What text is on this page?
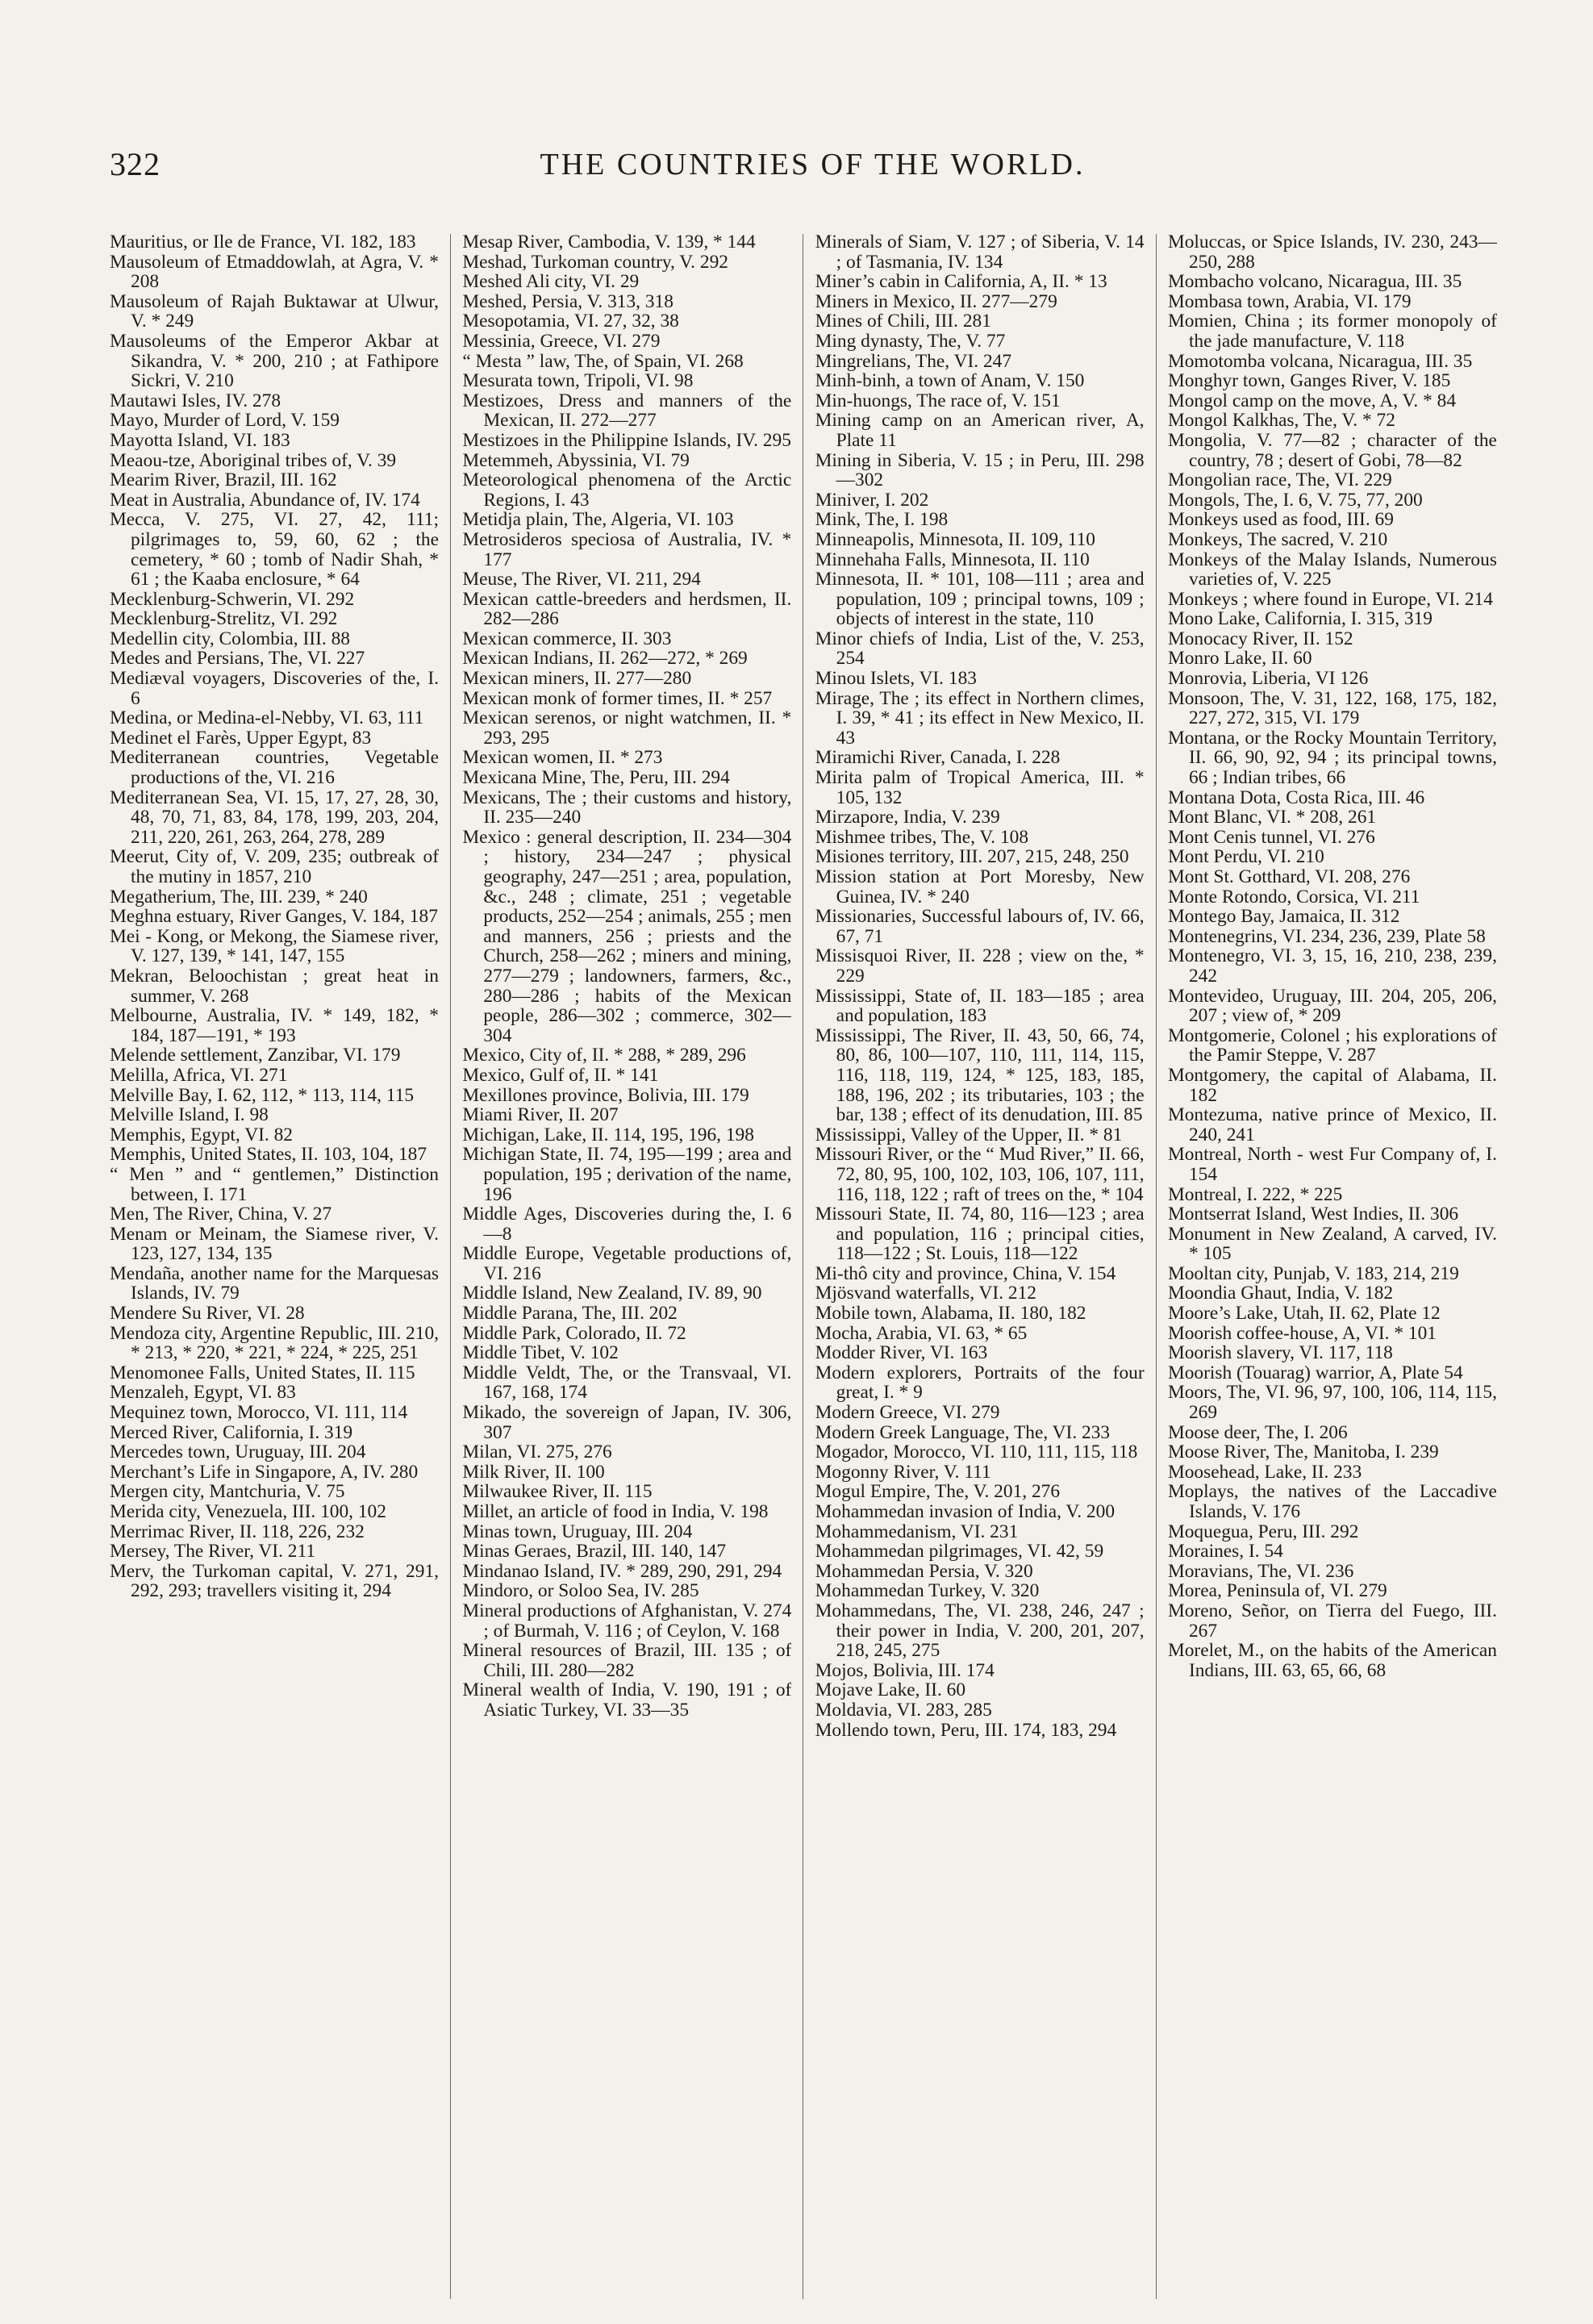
322	THE COUNTRIES OF THE WORLD.

Mauritius, or Ile de France, VI. 182, 183

Mausoleum of Etmaddowlah, at Agra, V. * 208

Mausoleum of Rajah Buktawar at Ulwur, V. * 249

Mausoleums of the Emperor Akbar at Sikandra, V. * 200, 210 ; at Fathipore Sickri, V. 210

Mautawi Isles, IV. 278

Mayo, Murder of Lord, V. 159

Mayotta Island, VI. 183

Meaou-tze, Aboriginal tribes of, V. 39

Mearim River, Brazil, III. 162

Meat in Australia, Abundance of, IV. 174

Mecca, V. 275, VI. 27, 42, 111; pilgrimages to, 59, 60, 62 ; the cemetery, * 60 ; tomb of Nadir Shah, * 61 ; the Kaaba enclosure, * 64

Mecklenburg-Schwerin, VI. 292

Mecklenburg-Strelitz, VI. 292

Medellin city, Colombia, III. 88

Medes and Persians, The, VI. 227

Mediæval voyagers, Discoveries of the, I. 6

Medina, or Medina-el-Nebby, VI. 63, 111

Medinet el Farès, Upper Egypt, 83

Mediterranean countries, Vegetable productions of the, VI. 216

Mediterranean Sea, VI. 15, 17, 27, 28, 30, 48, 70, 71, 83, 84, 178, 199, 203, 204, 211, 220, 261, 263, 264, 278, 289

Meerut, City of, V. 209, 235; outbreak of the mutiny in 1857, 210

Megatherium, The, III. 239, * 240

Meghna estuary, River Ganges, V. 184, 187

Mei - Kong, or Mekong, the Siamese river, V. 127, 139, * 141, 147, 155

Mekran, Beloochistan ; great heat in summer, V. 268

Melbourne, Australia, IV. * 149, 182, * 184, 187—191, * 193

Melende settlement, Zanzibar, VI. 179

Melilla, Africa, VI. 271

Melville Bay, I. 62, 112, * 113, 114, 115

Melville Island, I. 98

Memphis, Egypt, VI. 82

Memphis, United States, II. 103, 104, 187

“ Men ” and “ gentlemen,” Distinction between, I. 171

Men, The River, China, V. 27

Menam or Meinam, the Siamese river, V. 123, 127, 134, 135

Mendaña, another name for the Marquesas Islands, IV. 79

Mendere Su River, VI. 28

Mendoza city, Argentine Republic, III. 210, * 213, * 220, * 221, * 224, * 225, 251

Menomonee Falls, United States, II. 115

Menzaleh, Egypt, VI. 83

Mequinez town, Morocco, VI. 111, 114

Merced River, California, I. 319

Mercedes town, Uruguay, III. 204

Merchant’s Life in Singapore, A, IV. 280

Mergen city, Mantchuria, V. 75

Merida city, Venezuela, III. 100, 102

Merrimac River, II. 118, 226, 232

Mersey, The River, VI. 211

Merv, the Turkoman capital, V. 271, 291, 292, 293; travellers visiting it, 294

Mesap River, Cambodia, V. 139, * 144

Meshad, Turkoman country, V. 292

Meshed Ali city, VI. 29

Meshed, Persia, V. 313, 318

Mesopotamia, VI. 27, 32, 38

Messinia, Greece, VI. 279

“ Mesta ” law, The, of Spain, VI. 268

Mesurata town, Tripoli, VI. 98

Mestizoes, Dress and manners of the Mexican, II. 272—277

Mestizoes in the Philippine Islands, IV. 295

Metemmeh, Abyssinia, VI. 79

Meteorological phenomena of the Arctic Regions, I. 43

Metidja plain, The, Algeria, VI. 103

Metrosideros speciosa of Australia, IV. * 177

Meuse, The River, VI. 211, 294

Mexican cattle-breeders and herdsmen, II. 282—286

Mexican commerce, II. 303

Mexican Indians, II. 262—272, * 269

Mexican miners, II. 277—280

Mexican monk of former times, II. * 257

Mexican serenos, or night watchmen, II. * 293, 295

Mexican women, II. * 273

Mexicana Mine, The, Peru, III. 294

Mexicans, The ; their customs and history, II. 235—240

Mexico : general description, II. 234—304 ; history, 234—247 ; physical geography, 247—251 ; area, population, &c., 248 ; climate, 251 ; vegetable products, 252—254 ; animals, 255 ; men and manners, 256 ; priests and the Church, 258—262 ; miners and mining, 277—279 ; landowners, farmers, &c., 280—286 ; habits of the Mexican people, 286—302 ; commerce, 302—304

Mexico, City of, II. * 288, * 289, 296

Mexico, Gulf of, II. * 141

Mexillones province, Bolivia, III. 179

Miami River, II. 207

Michigan, Lake, II. 114, 195, 196, 198

Michigan State, II. 74, 195—199 ; area and population, 195 ; derivation of the name, 196

Middle Ages, Discoveries during the, I. 6—8

Middle Europe, Vegetable productions of, VI. 216

Middle Island, New Zealand, IV. 89, 90

Middle Parana, The, III. 202

Middle Park, Colorado, II. 72

Middle Tibet, V. 102

Middle Veldt, The, or the Transvaal, VI. 167, 168, 174

Mikado, the sovereign of Japan, IV. 306, 307

Milan, VI. 275, 276

Milk River, II. 100

Milwaukee River, II. 115

Millet, an article of food in India, V. 198

Minas town, Uruguay, III. 204

Minas Geraes, Brazil, III. 140, 147

Mindanao Island, IV. * 289, 290, 291, 294

Mindoro, or Soloo Sea, IV. 285

Mineral productions of Afghanistan, V. 274 ; of Burmah, V. 116 ; of Ceylon, V. 168

Mineral resources of Brazil, III. 135 ; of Chili, III. 280—282

Mineral wealth of India, V. 190, 191 ; of Asiatic Turkey, VI. 33—35

Minerals of Siam, V. 127 ; of Siberia, V. 14 ; of Tasmania, IV. 134

Miner’s cabin in California, A, II. * 13

Miners in Mexico, II. 277—279

Mines of Chili, III. 281

Ming dynasty, The, V. 77

Mingrelians, The, VI. 247

Minh-binh, a town of Anam, V. 150

Min-huongs, The race of, V. 151

Mining camp on an American river, A, Plate 11

Mining in Siberia, V. 15 ; in Peru, III. 298—302

Miniver, I. 202

Mink, The, I. 198

Minneapolis, Minnesota, II. 109, 110

Minnehaha Falls, Minnesota, II. 110

Minnesota, II. * 101, 108—111 ; area and population, 109 ; principal towns, 109 ; objects of interest in the state, 110

Minor chiefs of India, List of the, V. 253, 254

Minou Islets, VI. 183

Mirage, The ; its effect in Northern climes, I. 39, * 41 ; its effect in New Mexico, II. 43

Miramichi River, Canada, I. 228

Mirita palm of Tropical America, III. * 105, 132

Mirzapore, India, V. 239

Mishmee tribes, The, V. 108

Misiones territory, III. 207, 215, 248, 250

Mission station at Port Moresby, New Guinea, IV. * 240

Missionaries, Successful labours of, IV. 66, 67, 71

Missisquoi River, II. 228 ; view on the, * 229

Mississippi, State of, II. 183—185 ; area and population, 183

Mississippi, The River, II. 43, 50, 66, 74, 80, 86, 100—107, 110, 111, 114, 115, 116, 118, 119, 124, * 125, 183, 185, 188, 196, 202 ; its tributaries, 103 ; the bar, 138 ; effect of its denudation, III. 85

Mississippi, Valley of the Upper, II. * 81

Missouri River, or the “ Mud River,” II. 66, 72, 80, 95, 100, 102, 103, 106, 107, 111, 116, 118, 122 ; raft of trees on the, * 104

Missouri State, II. 74, 80, 116—123 ; area and population, 116 ; principal cities, 118—122 ; St. Louis, 118—122

Mi-thô city and province, China, V. 154

Mjösvand waterfalls, VI. 212

Mobile town, Alabama, II. 180, 182

Mocha, Arabia, VI. 63, * 65

Modder River, VI. 163

Modern explorers, Portraits of the four great, I. * 9

Modern Greece, VI. 279

Modern Greek Language, The, VI. 233

Mogador, Morocco, VI. 110, 111, 115, 118

Mogonny River, V. 111

Mogul Empire, The, V. 201, 276

Mohammedan invasion of India, V. 200

Mohammedanism, VI. 231

Mohammedan pilgrimages, VI. 42, 59

Mohammedan Persia, V. 320

Mohammedan Turkey, V. 320

Mohammedans, The, VI. 238, 246, 247 ; their power in India, V. 200, 201, 207, 218, 245, 275

Mojos, Bolivia, III. 174

Mojave Lake, II. 60

Moldavia, VI. 283, 285

Mollendo town, Peru, III. 174, 183, 294

Moluccas, or Spice Islands, IV. 230, 243—250, 288

Mombacho volcano, Nicaragua, III. 35

Mombasa town, Arabia, VI. 179

Momien, China ; its former monopoly of the jade manufacture, V. 118

Momotomba volcana, Nicaragua, III. 35

Monghyr town, Ganges River, V. 185

Mongol camp on the move, A, V. * 84

Mongol Kalkhas, The, V. * 72

Mongolia, V. 77—82 ; character of the country, 78 ; desert of Gobi, 78—82

Mongolian race, The, VI. 229

Mongols, The, I. 6, V. 75, 77, 200

Monkeys used as food, III. 69

Monkeys, The sacred, V. 210

Monkeys of the Malay Islands, Numerous varieties of, V. 225

Monkeys ; where found in Europe, VI. 214

Mono Lake, California, I. 315, 319

Monocacy River, II. 152

Monro Lake, II. 60

Monrovia, Liberia, VI 126

Monsoon, The, V. 31, 122, 168, 175, 182, 227, 272, 315, VI. 179

Montana, or the Rocky Mountain Territory, II. 66, 90, 92, 94 ; its principal towns, 66 ; Indian tribes, 66

Montana Dota, Costa Rica, III. 46

Mont Blanc, VI. * 208, 261

Mont Cenis tunnel, VI. 276

Mont Perdu, VI. 210

Mont St. Gotthard, VI. 208, 276

Monte Rotondo, Corsica, VI. 211

Montego Bay, Jamaica, II. 312

Montenegrins, VI. 234, 236, 239, Plate 58

Montenegro, VI. 3, 15, 16, 210, 238, 239, 242

Montevideo, Uruguay, III. 204, 205, 206, 207 ; view of, * 209

Montgomerie, Colonel ; his explorations of the Pamir Steppe, V. 287

Montgomery, the capital of Alabama, II. 182

Montezuma, native prince of Mexico, II. 240, 241

Montreal, North - west Fur Company of, I. 154

Montreal, I. 222, * 225

Montserrat Island, West Indies, II. 306

Monument in New Zealand, A carved, IV. * 105

Mooltan city, Punjab, V. 183, 214, 219

Moondia Ghaut, India, V. 182

Moore’s Lake, Utah, II. 62, Plate 12

Moorish coffee-house, A, VI. * 101

Moorish slavery, VI. 117, 118

Moorish (Touarag) warrior, A, Plate 54

Moors, The, VI. 96, 97, 100, 106, 114, 115, 269

Moose deer, The, I. 206

Moose River, The, Manitoba, I. 239

Moosehead, Lake, II. 233

Moplays, the natives of the Laccadive Islands, V. 176

Moquegua, Peru, III. 292

Moraines, I. 54

Moravians, The, VI. 236

Morea, Peninsula of, VI. 279

Moreno, Señor, on Tierra del Fuego, III. 267

Morelet, M., on the habits of the American Indians, III. 63, 65, 66, 68
